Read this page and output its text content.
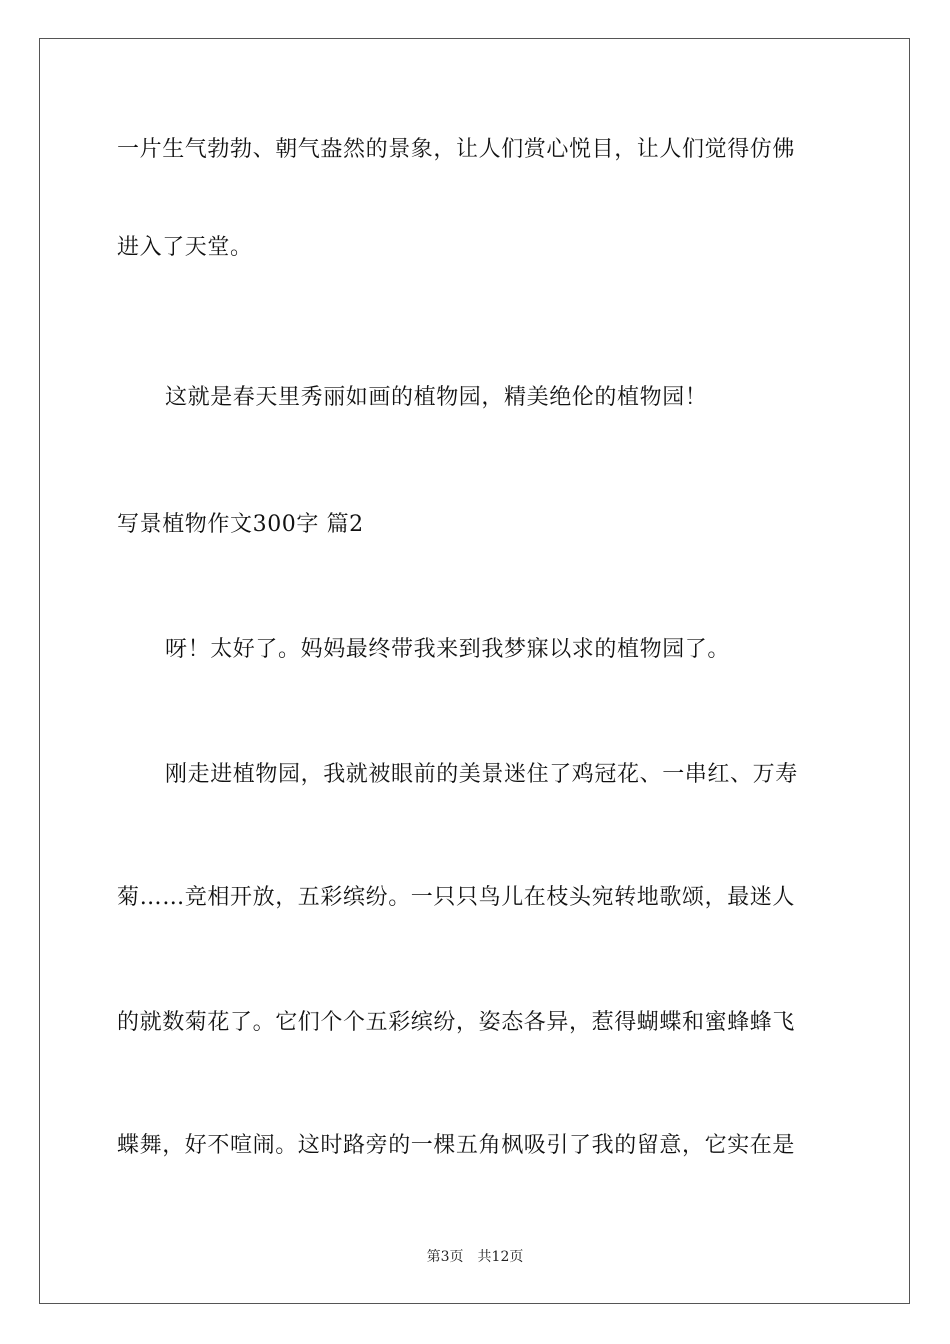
一片生气勃勃、朝气盎然的景象，让人们赏心悦目，让人们觉得仿佛
进入了天堂。
这就是春天里秀丽如画的植物园，精美绝伦的植物园！
写景植物作文300字 篇2
呀！太好了。妈妈最终带我来到我梦寐以求的植物园了。
刚走进植物园，我就被眼前的美景迷住了鸡冠花、一串红、万寿
菊……竞相开放，五彩缤纷。一只只鸟儿在枝头宛转地歌颂，最迷人
的就数菊花了。它们个个五彩缤纷，姿态各异，惹得蝴蝶和蜜蜂蜂飞
蝶舞，好不喧闹。这时路旁的一棵五角枫吸引了我的留意，它实在是
第3页 共12页
